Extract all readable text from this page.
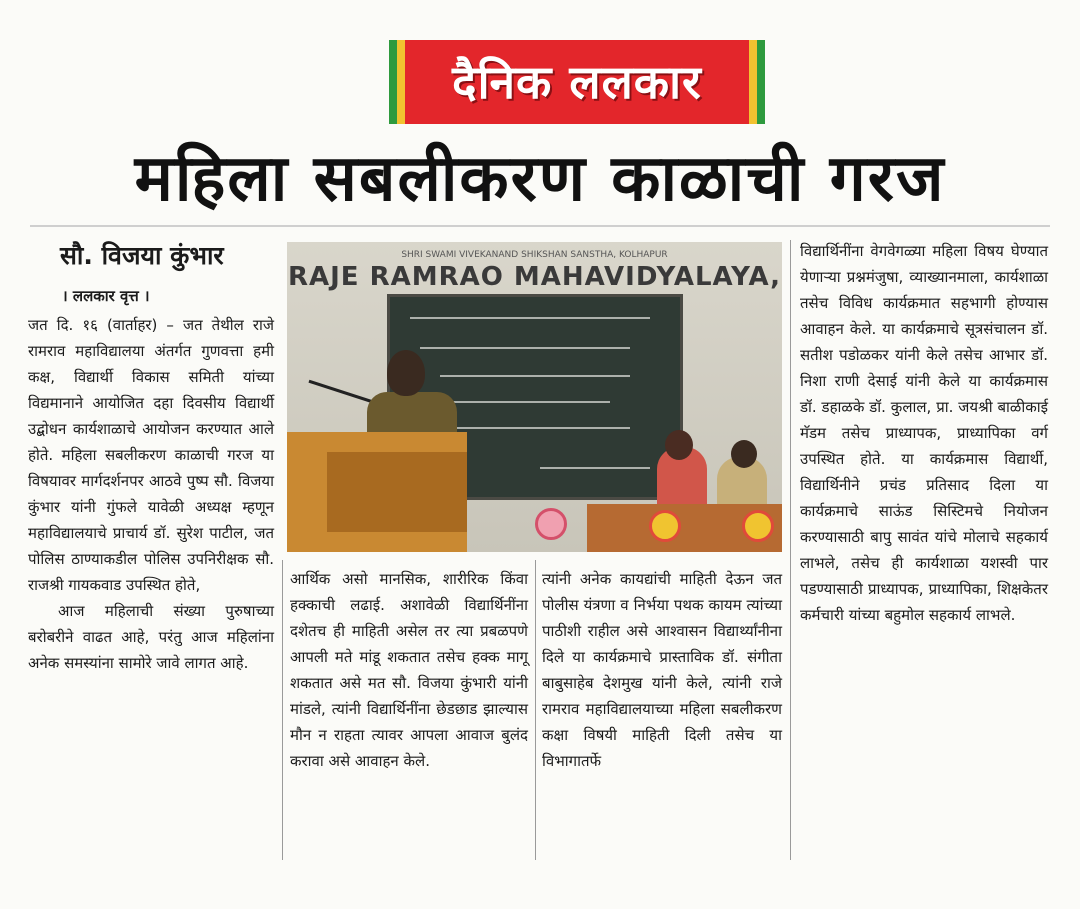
दैनिक ललकार
महिला सबलीकरण काळाची गरज
सौ. विजया कुंभार
। ललकार वृत्त ।

जत दि. १६ (वार्ताहर) – जत तेथील राजे रामराव महाविद्यालया अंतर्गत गुणवत्ता हमी कक्ष, विद्यार्थी विकास समिती यांच्या विद्यमानाने आयोजित दहा दिवसीय विद्यार्थी उद्बोधन कार्यशाळाचे आयोजन करण्यात आले होते. महिला सबलीकरण काळाची गरज या विषयावर मार्गदर्शनपर आठवे पुष्प सौ. विजया कुंभार यांनी गुंफले यावेळी अध्यक्ष म्हणून महाविद्यालयाचे प्राचार्य डॉ. सुरेश पाटील, जत पोलिस ठाण्याकडील पोलिस उपनिरीक्षक सौ. राजश्री गायकवाड उपस्थित होते,

आज महिलाची संख्या पुरुषाच्या बरोबरीने वाढत आहे, परंतु आज महिलांना अनेक समस्यांना सामोरे जावे लागत आहे.

SHRI SWAMI VIVEKANAND SHIKSHAN SANSTHA, KOLHAPUR
RAJE RAMRAO MAHAVIDYALAYA,

आर्थिक असो मानसिक, शारीरिक किंवा हक्काची लढाई. अशावेळी विद्यार्थिनींना दशेतच ही माहिती असेल तर त्या प्रबळपणे आपली मते मांडू शकतात तसेच हक्क मागू शकतात असे मत सौ. विजया कुंभारी यांनी मांडले, त्यांनी विद्यार्थिनींना छेडछाड झाल्यास मौन न राहता त्यावर आपला आवाज बुलंद करावा असे आवाहन केले.

त्यांनी अनेक कायद्यांची माहिती देऊन जत पोलीस यंत्रणा व निर्भया पथक कायम त्यांच्या पाठीशी राहील असे आश्वासन विद्यार्थ्यांनीना दिले या कार्यक्रमाचे प्रास्ताविक डॉ. संगीता बाबुसाहेब देशमुख यांनी केले, त्यांनी राजे रामराव महाविद्यालयाच्या महिला सबलीकरण कक्षा विषयी माहिती दिली तसेच या विभागातर्फे

विद्यार्थिनींना वेगवेगळ्या महिला विषय घेण्यात येणाऱ्या प्रश्नमंजुषा, व्याख्यानमाला, कार्यशाळा तसेच विविध कार्यक्रमात सहभागी होण्यास आवाहन केले. या कार्यक्रमाचे सूत्रसंचालन डॉ. सतीश पडोळकर यांनी केले तसेच आभार डॉ. निशा राणी देसाई यांनी केले या कार्यक्रमास डॉ. डहाळके डॉ. कुलाल, प्रा. जयश्री बाळीकाई मॅडम तसेच प्राध्यापक, प्राध्यापिका वर्ग उपस्थित होते. या कार्यक्रमास विद्यार्थी, विद्यार्थिनीने प्रचंड प्रतिसाद दिला या कार्यक्रमाचे साऊंड सिस्टिमचे नियोजन करण्यासाठी बापु सावंत यांचे मोलाचे सहकार्य लाभले, तसेच ही कार्यशाळा यशस्वी पार पडण्यासाठी प्राध्यापक, प्राध्यापिका, शिक्षकेतर कर्मचारी यांच्या बहुमोल सहकार्य लाभले.
